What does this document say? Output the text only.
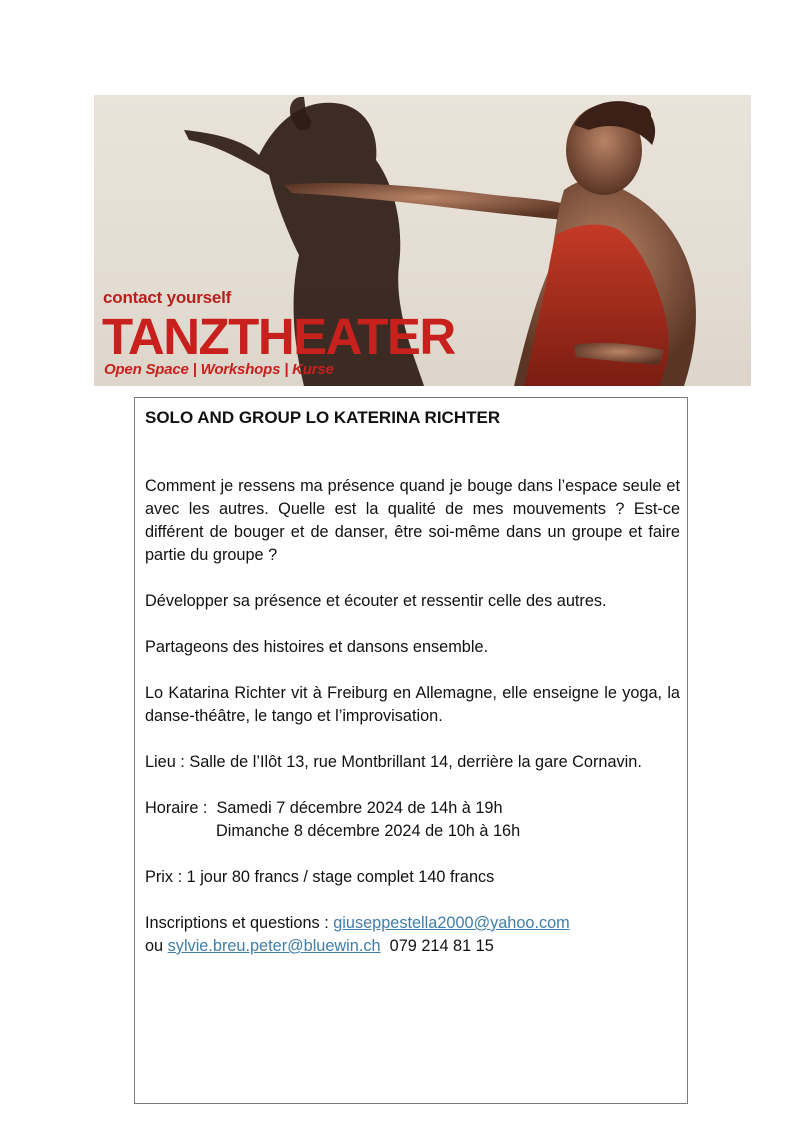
contact yourself
TANZTHEATER
Open Space | Workshops | Kurse
SOLO AND GROUP LO KATERINA RICHTER
Comment je ressens ma présence quand je bouge dans l’espace seule et avec les autres. Quelle est la qualité de mes mouvements ? Est-ce différent de bouger et de danser, être soi-même dans un groupe et faire partie du groupe ?
Développer sa présence et écouter et ressentir celle des autres.
Partageons des histoires et dansons ensemble.
Lo Katarina Richter vit à Freiburg en Allemagne, elle enseigne le yoga, la danse-théâtre, le tango et l’improvisation.
Lieu : Salle de l’Ilôt 13, rue Montbrillant 14, derrière la gare Cornavin.
Horaire : Samedi 7 décembre 2024 de 14h à 19h
Dimanche 8 décembre 2024 de 10h à 16h
Prix : 1 jour 80 francs / stage complet 140 francs
Inscriptions et questions : giuseppestella2000@yahoo.com
ou sylvie.breu.peter@bluewin.ch 079 214 81 15
